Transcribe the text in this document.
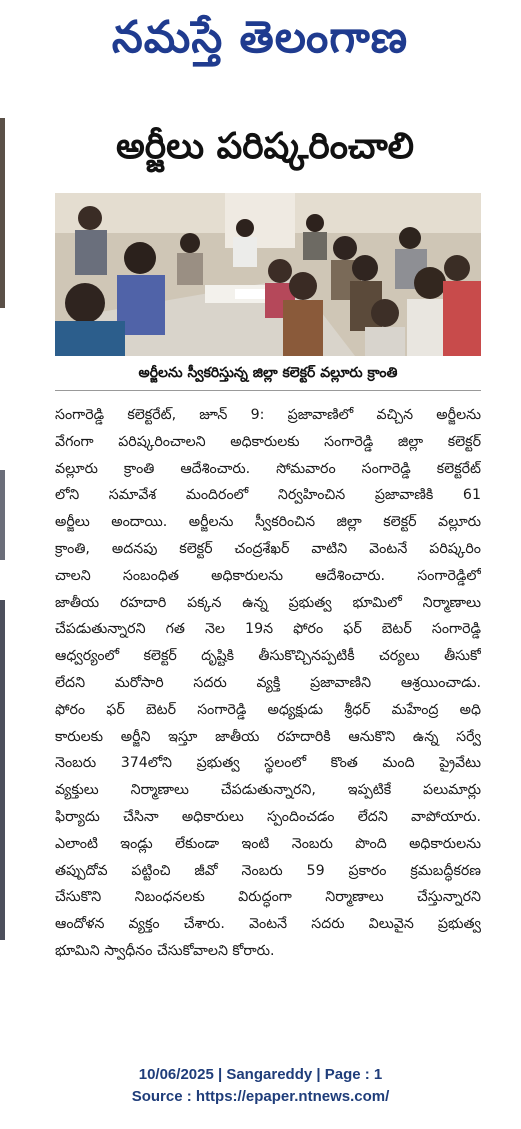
నమస్తే తెలంగాణ
అర్జీలు పరిష్కరించాలి
అర్జీలను స్వీకరిస్తున్న జిల్లా కలెక్టర్‌ వల్లూరు క్రాంతి
సంగారెడ్డి కలెక్టరేట్‌, జూన్‌ 9: ప్రజావాణిలో వచ్చిన అర్జీలను
వేగంగా పరిష్కరించాలని అధికారులకు సంగారెడ్డి జిల్లా కలెక్టర్‌
వల్లూరు క్రాంతి ఆదేశించారు. సోమవారం సంగారెడ్డి కలెక్టరేట్‌
లోని సమావేశ మందిరంలో నిర్వహించిన ప్రజావాణికి 61
అర్జీలు అందాయి. అర్జీలను స్వీకరించిన జిల్లా కలెక్టర్‌ వల్లూరు
క్రాంతి, అదనపు కలెక్టర్‌ చంద్రశేఖర్‌ వాటిని వెంటనే పరిష్కరిం
చాలని సంబంధిత అధికారులను ఆదేశించారు. సంగారెడ్డిలో
జాతీయ రహదారి పక్కన ఉన్న ప్రభుత్వ భూమిలో నిర్మాణాలు
చేపడుతున్నారని గత నెల 19న ఫోరం ఫర్‌ బెటర్‌ సంగారెడ్డి
ఆధ్వర్యంలో కలెక్టర్‌ దృష్టికి తీసుకొచ్చినప్పటికీ చర్యలు తీసుకో
లేదని మరోసారి సదరు వ్యక్తి ప్రజావాణిని ఆశ్రయించాడు.
ఫోరం ఫర్‌ బెటర్‌ సంగారెడ్డి అధ్యక్షుడు శ్రీధర్‌ మహేంద్ర అధి
కారులకు అర్జీని ఇస్తూ జాతీయ రహదారికి ఆనుకొని ఉన్న సర్వే
నెంబరు 374లోని ప్రభుత్వ స్థలంలో కొంత మంది ప్రైవేటు
వ్యక్తులు నిర్మాణాలు చేపడుతున్నారని, ఇప్పటికే పలుమార్లు
ఫిర్యాదు చేసినా అధికారులు స్పందించడం లేదని వాపోయారు.
ఎలాంటి ఇండ్లు లేకుండా ఇంటి నెంబరు పొంది అధికారులను
తప్పుదోవ పట్టించి జీవో నెంబరు 59 ప్రకారం క్రమబద్ధీకరణ
చేసుకొని నిబంధనలకు విరుద్ధంగా నిర్మాణాలు చేస్తున్నారని
ఆందోళన వ్యక్తం చేశారు. వెంటనే సదరు విలువైన ప్రభుత్వ
భూమిని స్వాధీనం చేసుకోవాలని కోరారు.
10/06/2025 | Sangareddy | Page : 1
Source : https://epaper.ntnews.com/
